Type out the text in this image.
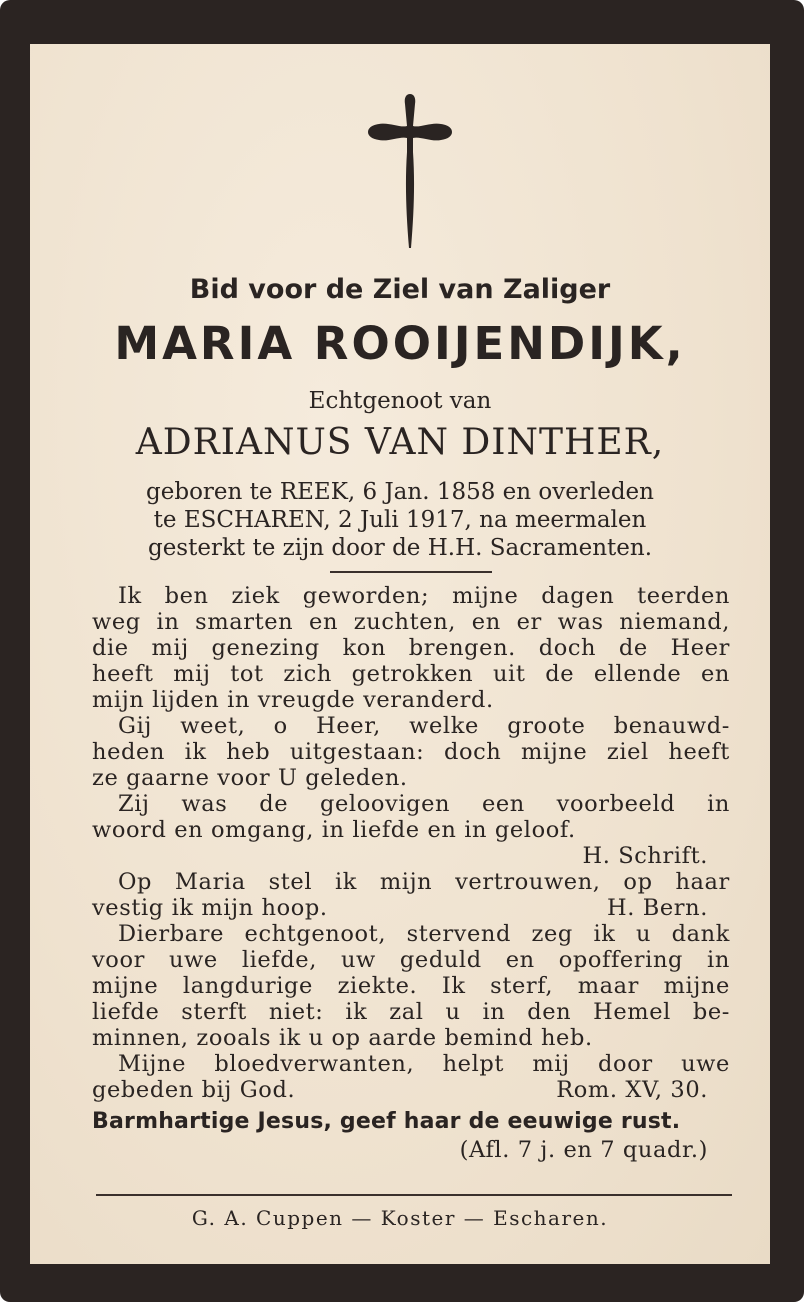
Bid voor de Ziel van Zaliger
MARIA ROOIJENDIJK,
Echtgenoot van
ADRIANUS VAN DINTHER,
geboren te REEK, 6 Jan. 1858 en overleden
te ESCHAREN, 2 Juli 1917, na meermalen
gesterkt te zijn door de H.H. Sacramenten.
Ik ben ziek geworden; mijne dagen teerden
weg in smarten en zuchten, en er was niemand,
die mij genezing kon brengen. doch de Heer
heeft mij tot zich getrokken uit de ellende en
mijn lijden in vreugde veranderd.
Gij weet, o Heer, welke groote benauwd-
heden ik heb uitgestaan: doch mijne ziel heeft
ze gaarne voor U geleden.
Zij was de geloovigen een voorbeeld in
woord en omgang, in liefde en in geloof.
H. Schrift.
Op Maria stel ik mijn vertrouwen, op haar
vestig ik mijn hoop.	H. Bern.
Dierbare echtgenoot, stervend zeg ik u dank
voor uwe liefde, uw geduld en opoffering in
mijne langdurige ziekte. Ik sterf, maar mijne
liefde sterft niet: ik zal u in den Hemel be-
minnen, zooals ik u op aarde bemind heb.
Mijne bloedverwanten, helpt mij door uwe
gebeden bij God.	Rom. XV, 30.
Barmhartige Jesus, geef haar de eeuwige rust.
(Afl. 7 j. en 7 quadr.)
G. A. Cuppen — Koster — Escharen.
